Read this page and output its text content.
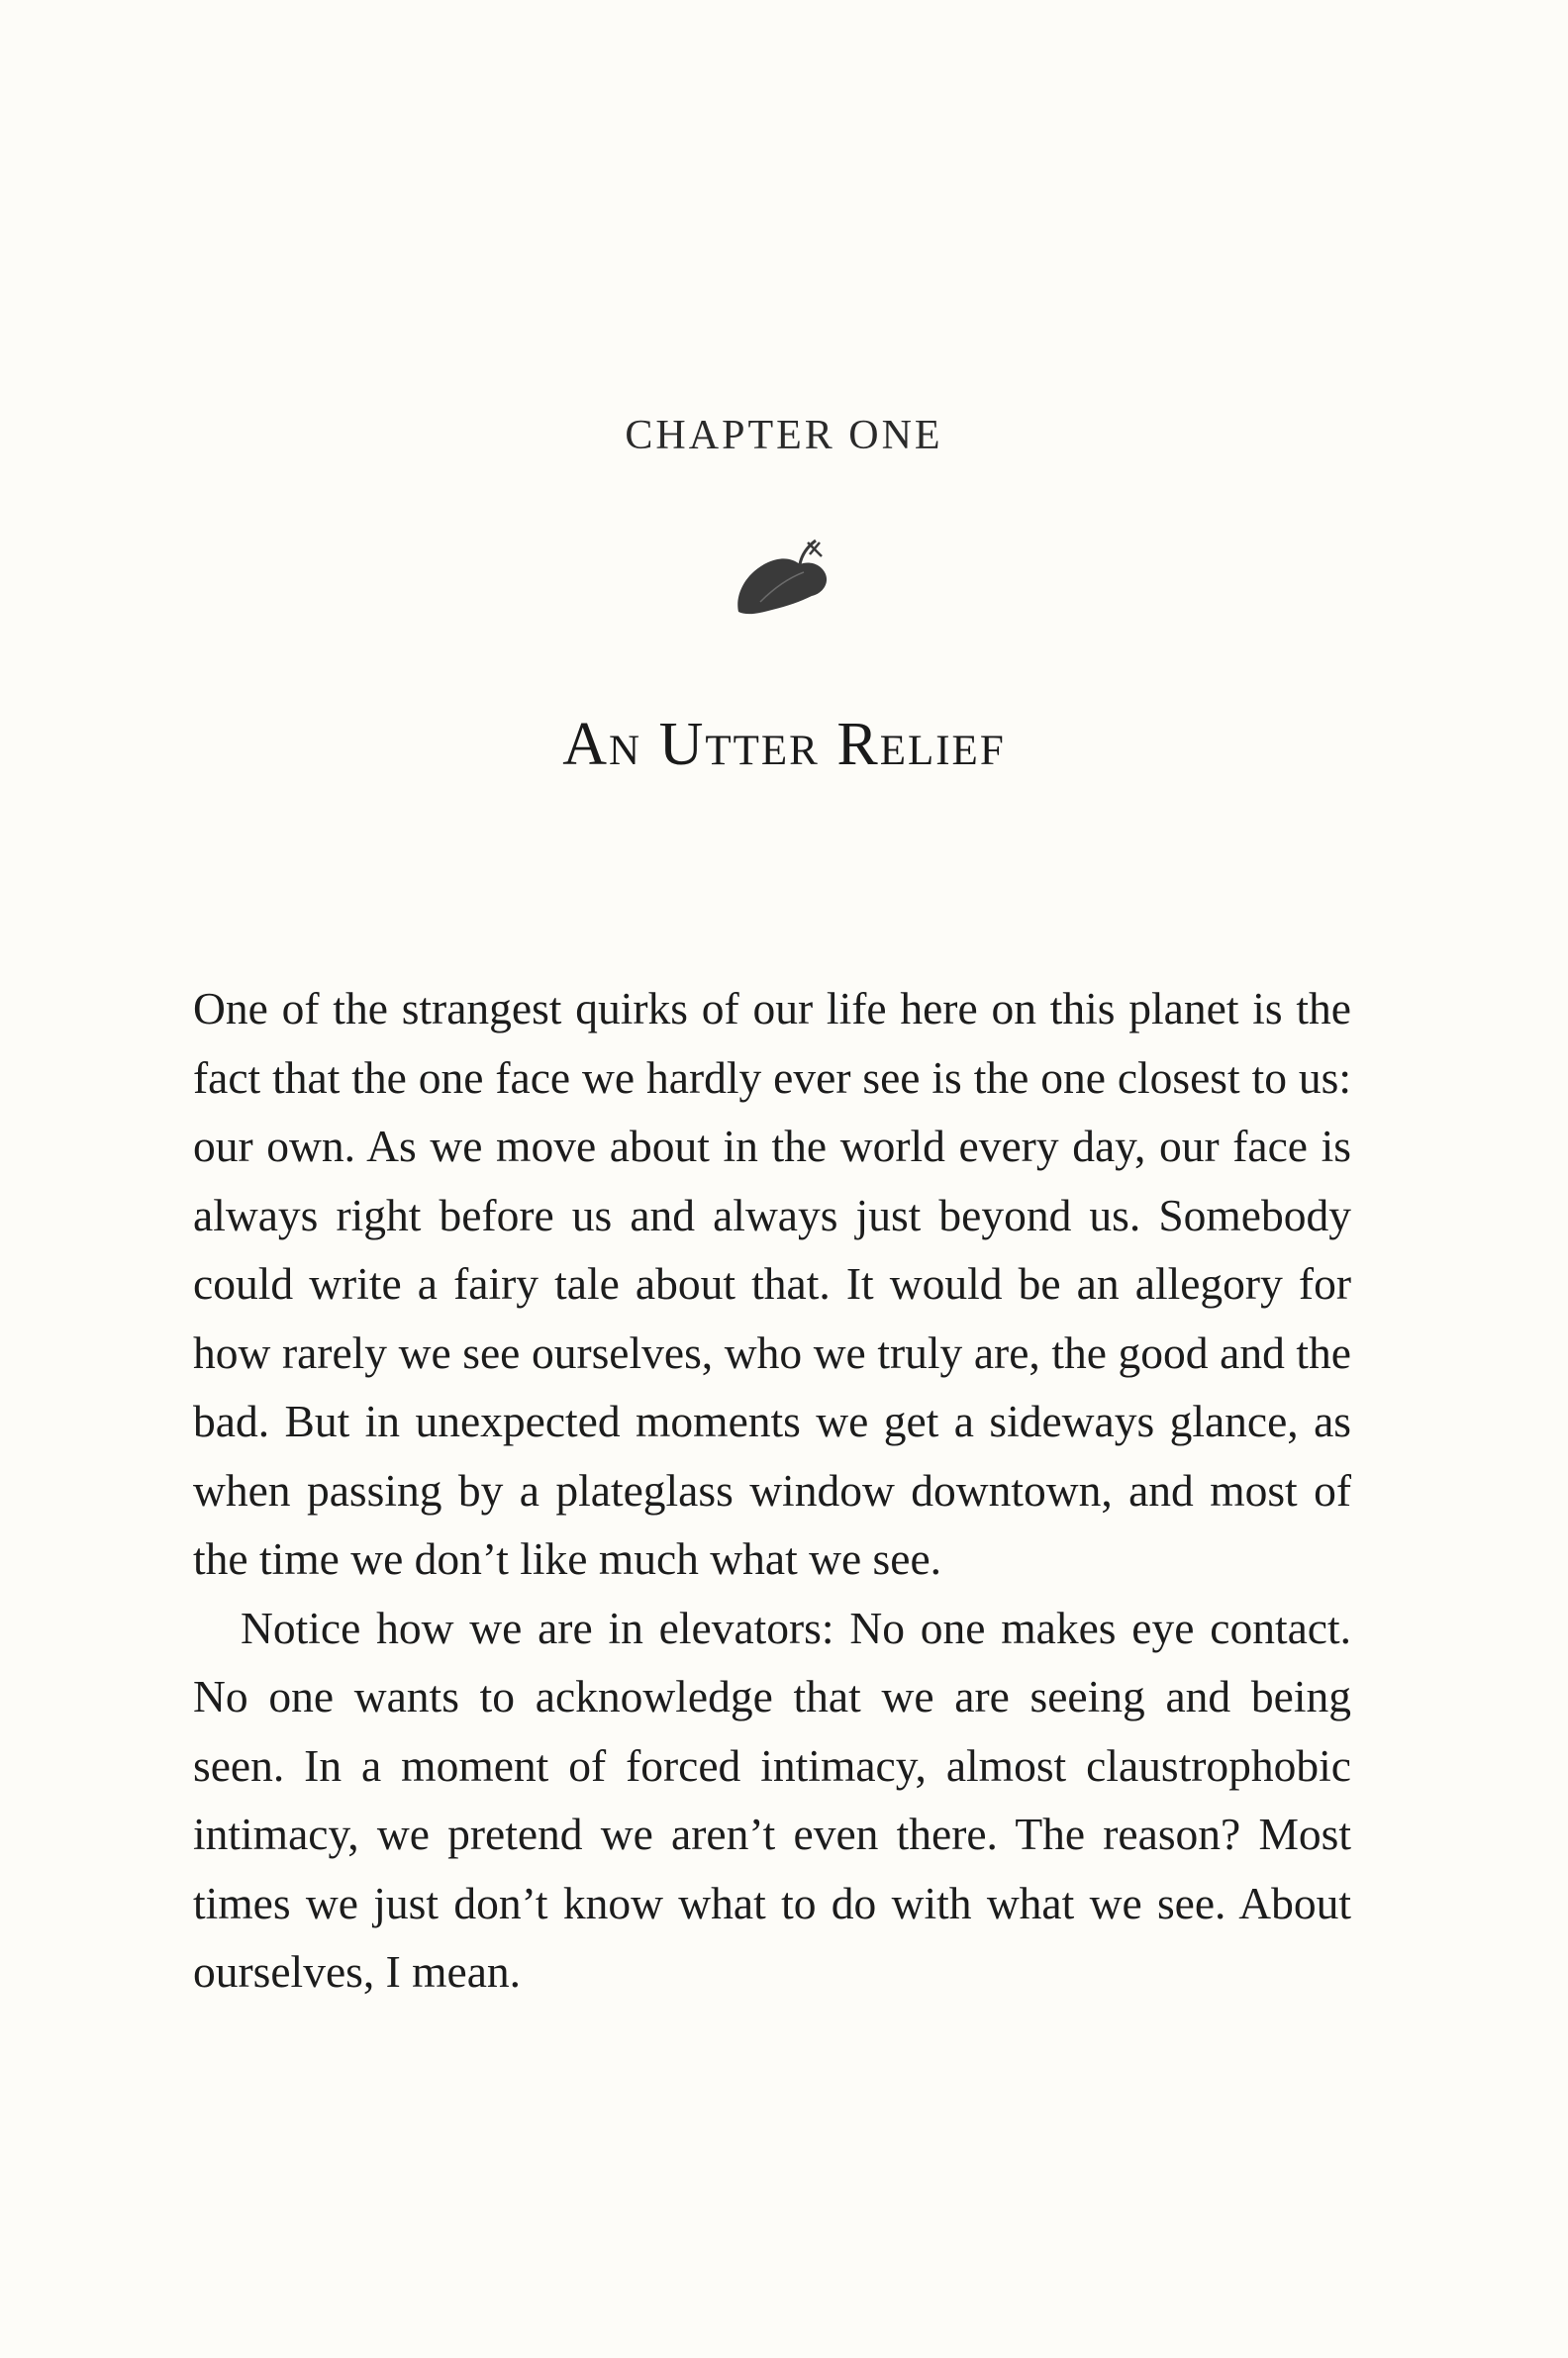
CHAPTER ONE
An Utter Relief

One of the strangest quirks of our life here on this planet is the fact that the one face we hardly ever see is the one closest to us: our own. As we move about in the world every day, our face is always right before us and always just beyond us. Somebody could write a fairy tale about that. It would be an allegory for how rarely we see ourselves, who we truly are, the good and the bad. But in unexpected moments we get a sideways glance, as when passing by a plateglass window downtown, and most of the time we don’t like much what we see.

Notice how we are in elevators: No one makes eye contact. No one wants to acknowledge that we are seeing and being seen. In a moment of forced intimacy, almost claustrophobic intimacy, we pretend we aren’t even there. The reason? Most times we just don’t know what to do with what we see. About ourselves, I mean.
